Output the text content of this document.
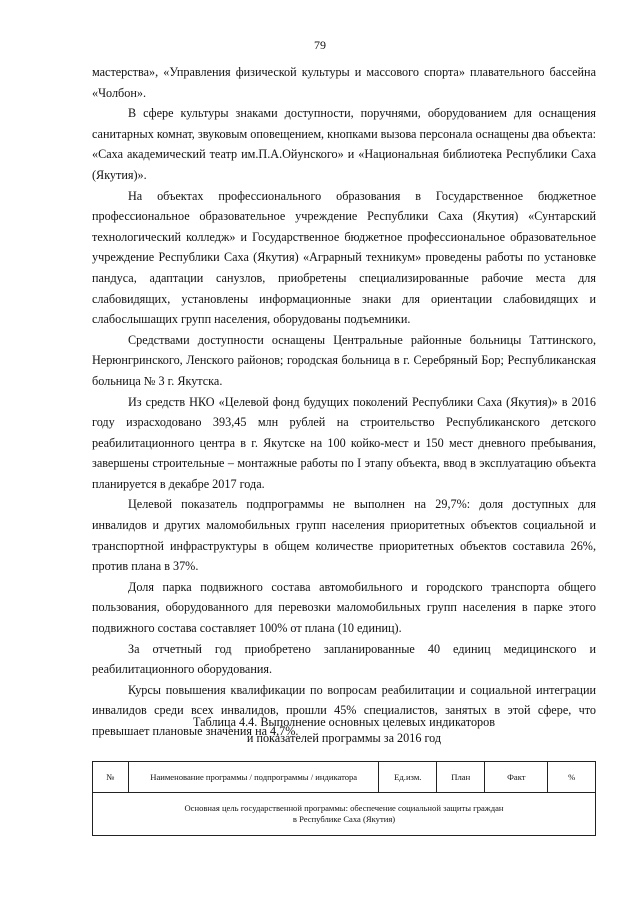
79

мастерства», «Управления физической культуры и массового спорта» плавательного бассейна «Чолбон».

В сфере культуры знаками доступности, поручнями, оборудованием для оснащения санитарных комнат, звуковым оповещением, кнопками вызова персонала оснащены два объекта: «Саха академический театр им.П.А.Ойунского» и «Национальная библиотека Республики Саха (Якутия)».

На объектах профессионального образования в Государственное бюджетное профессиональное образовательное учреждение Республики Саха (Якутия) «Сунтарский технологический колледж» и Государственное бюджетное профессиональное образовательное учреждение Республики Саха (Якутия) «Аграрный техникум» проведены работы по установке пандуса, адаптации санузлов, приобретены специализированные рабочие места для слабовидящих, установлены информационные знаки для ориентации слабовидящих и слабослышащих групп населения, оборудованы подъемники.

Средствами доступности оснащены Центральные районные больницы Таттинского, Нерюнгринского, Ленского районов; городская больница в г. Серебряный Бор; Республиканская больница № 3 г. Якутска.

Из средств НКО «Целевой фонд будущих поколений Республики Саха (Якутия)» в 2016 году израсходовано 393,45 млн рублей на строительство Республиканского детского реабилитационного центра в г. Якутске на 100 койко-мест и 150 мест дневного пребывания, завершены строительные – монтажные работы по I этапу объекта, ввод в эксплуатацию объекта планируется в декабре 2017 года.

Целевой показатель подпрограммы не выполнен на 29,7%: доля доступных для инвалидов и других маломобильных групп населения приоритетных объектов социальной и транспортной инфраструктуры в общем количестве приоритетных объектов составила 26%, против плана в 37%.

Доля парка подвижного состава автомобильного и городского транспорта общего пользования, оборудованного для перевозки маломобильных групп населения в парке этого подвижного состава составляет 100% от плана (10 единиц).

За отчетный год приобретено запланированные 40 единиц медицинского и реабилитационного оборудования.

Курсы повышения квалификации по вопросам реабилитации и социальной интеграции инвалидов среди всех инвалидов, прошли 45% специалистов, занятых в этой сфере, что превышает плановые значения на 4,7%.

Таблица 4.4. Выполнение основных целевых индикаторов
и показателей программы за 2016 год
№	Наименование программы / подпрограммы / индикатора	Ед.изм.	План	Факт	%

Основная цель государственной программы: обеспечение социальной защиты граждан
в Республике Саха (Якутия)
